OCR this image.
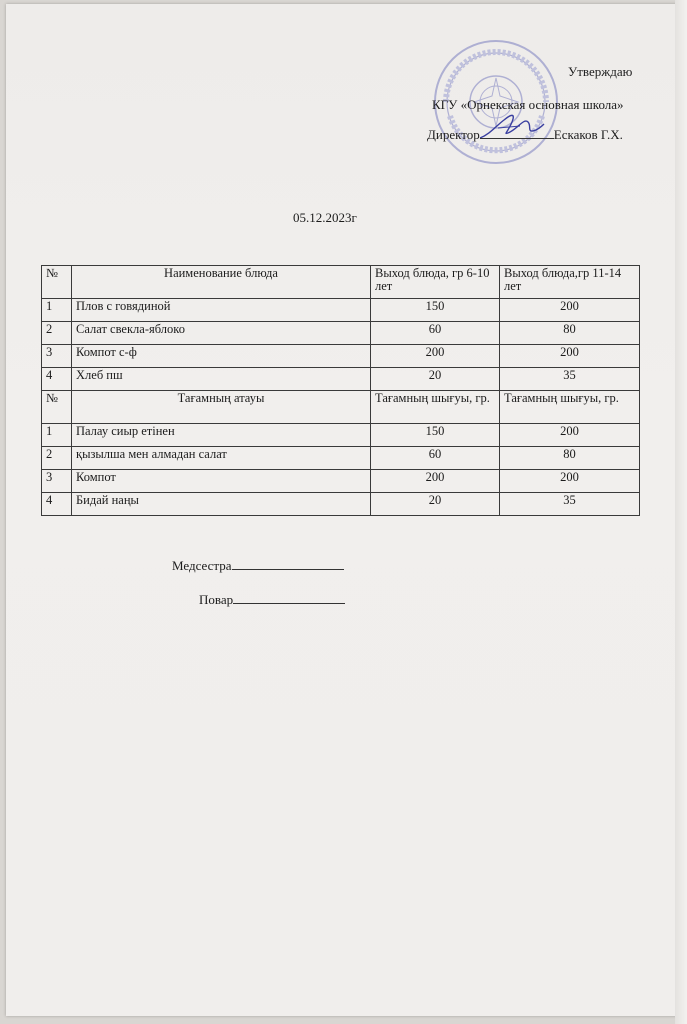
Утверждаю
КГУ «Орнекская основная школа»
Директор	Ескаков Г.Х.
05.12.2023г
№	Наименование блюда	Выход блюда, гр 6-10 лет	Выход блюда,гр 11-14 лет
1	Плов с говядиной	150	200
2	Салат свекла-яблоко	60	80
3	Компот с-ф	200	200
4	Хлеб пш	20	35
№	Тағамның атауы	Тағамның шығуы, гр.	Тағамның шығуы, гр.
1	Палау сиыр етінен	150	200
2	қызылша мен алмадан салат	60	80
3	Компот	200	200
4	Бидай наңы	20	35
Медсестра
Повар
